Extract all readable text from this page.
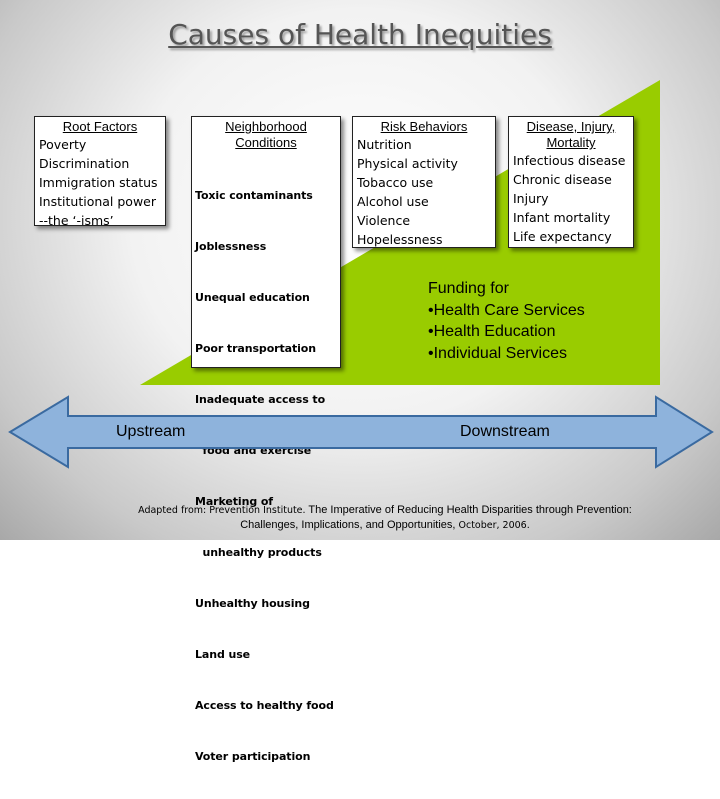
Causes of Health Inequities
Root Factors
Poverty
Discrimination
Immigration status
Institutional power
--the ‘-isms’
Neighborhood
Conditions

Toxic contaminants

Joblessness

Unequal education

Poor transportation

Inadequate access to

food and exercise

Marketing of

unhealthy products

Unhealthy housing

Land use

Access to healthy food

Voter participation

Risk Behaviors
Nutrition
Physical activity
Tobacco use
Alcohol use
Violence
Hopelessness
Disease, Injury,
Mortality
Infectious disease
Chronic disease
Injury
Infant mortality
Life expectancy
Funding for
•Health Care Services
•Health Education
•Individual Services
Upstream	Downstream
Adapted from: Prevention Institute. The Imperative of Reducing Health Disparities through Prevention:
Challenges, Implications, and Opportunities, October, 2006.
